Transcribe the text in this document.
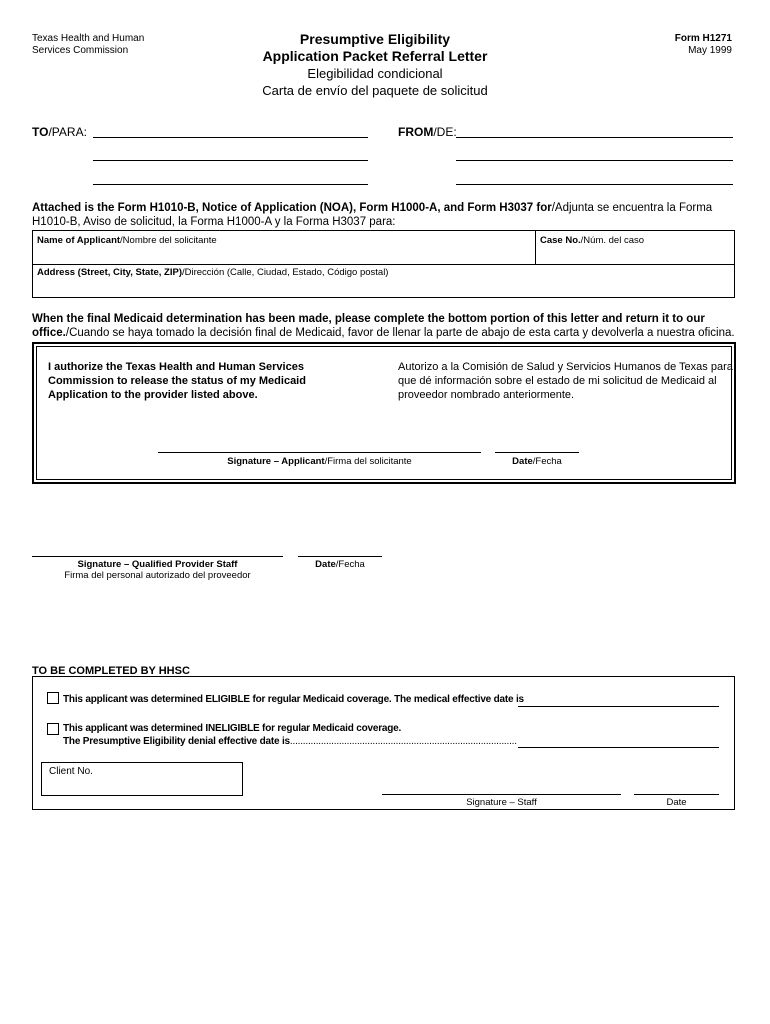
Texas Health and Human
Services Commission
Presumptive Eligibility
Application Packet Referral Letter
Elegibilidad condicional
Carta de envío del paquete de solicitud
Form H1271
May 1999
TO/PARA:	FROM/DE:
Attached is the Form H1010-B, Notice of Application (NOA), Form H1000-A, and Form H3037 for/Adjunta se encuentra la Forma H1010-B, Aviso de solicitud, la Forma H1000-A y la Forma H3037 para:
Name of Applicant/Nombre del solicitante	Case No./Núm. del caso
Address (Street, City, State, ZIP)/Dirección (Calle, Ciudad, Estado, Código postal)
When the final Medicaid determination has been made, please complete the bottom portion of this letter and return it to our office./Cuando se haya tomado la decisión final de Medicaid, favor de llenar la parte de abajo de esta carta y devolverla a nuestra oficina.
I authorize the Texas Health and Human Services Commission to release the status of my Medicaid Application to the provider listed above.
Autorizo a la Comisión de Salud y Servicios Humanos de Texas para que dé información sobre el estado de mi solicitud de Medicaid al proveedor nombrado anteriormente.
Signature – Applicant/Firma del solicitante	Date/Fecha
Signature – Qualified Provider Staff
Firma del personal autorizado del proveedor
Date/Fecha
TO BE COMPLETED BY HHSC
This applicant was determined ELIGIBLE for regular Medicaid coverage. The medical effective date is
This applicant was determined INELIGIBLE for regular Medicaid coverage.
The Presumptive Eligibility denial effective date is........................................................................................
Client No.
Signature – Staff	Date
